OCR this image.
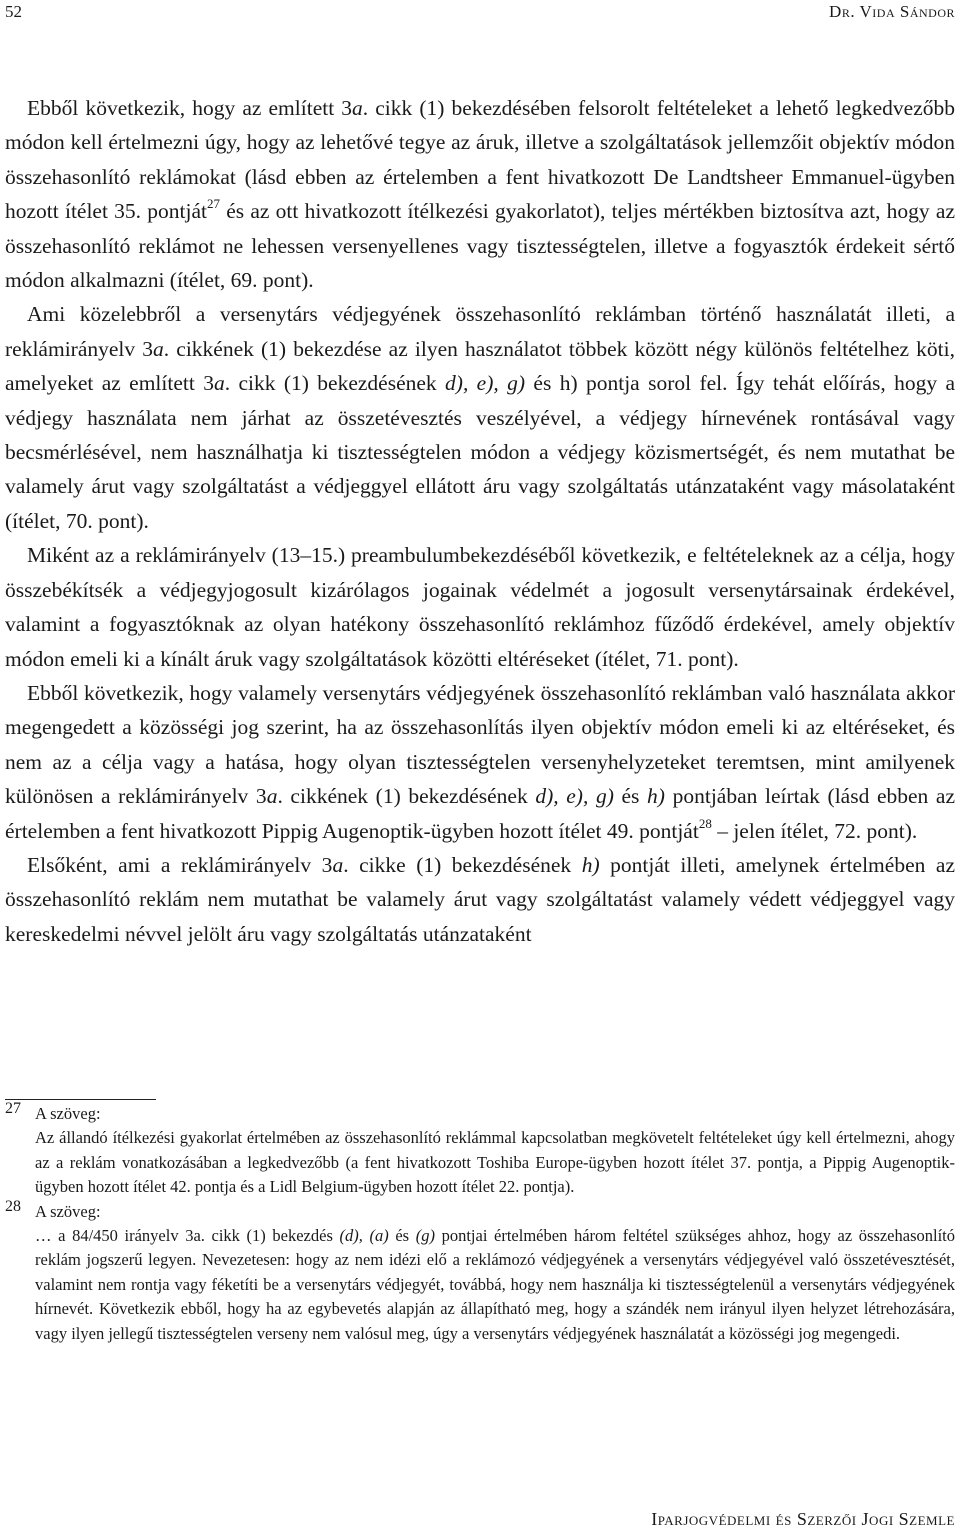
52	Dr. Vida Sándor

Ebből következik, hogy az említett 3a. cikk (1) bekezdésében felsorolt feltételeket a lehető legkedvezőbb módon kell értelmezni úgy, hogy az lehetővé tegye az áruk, illetve a szolgáltatások jellemzőit objektív módon összehasonlító reklámokat (lásd ebben az értelemben a fent hivatkozott De Landtsheer Emmanuel-ügyben hozott ítélet 35. pontját$^{27}$ és az ott hivatkozott ítélkezési gyakorlatot), teljes mértékben biztosítva azt, hogy az összehasonlító reklámot ne lehessen versenyellenes vagy tisztességtelen, illetve a fogyasztók érdekeit sértő módon alkalmazni (ítélet, 69. pont).

Ami közelebbről a versenytárs védjegyének összehasonlító reklámban történő használatát illeti, a reklámirányelv 3a. cikkének (1) bekezdése az ilyen használatot többek között négy különös feltételhez köti, amelyeket az említett 3a. cikk (1) bekezdésének d), e), g) és h) pontja sorol fel. Így tehát előírás, hogy a védjegy használata nem járhat az összetévesztés veszélyével, a védjegy hírnevének rontásával vagy becsmérlésével, nem használhatja ki tisztességtelen módon a védjegy közismertségét, és nem mutathat be valamely árut vagy szolgáltatást a védjeggyel ellátott áru vagy szolgáltatás utánzataként vagy másolataként (ítélet, 70. pont).

Miként az a reklámirányelv (13–15.) preambulumbekezdéséből következik, e feltételeknek az a célja, hogy összebékítsék a védjegyjogosult kizárólagos jogainak védelmét a jogosult versenytársainak érdekével, valamint a fogyasztóknak az olyan hatékony összehasonlító reklámhoz fűződő érdekével, amely objektív módon emeli ki a kínált áruk vagy szolgáltatások közötti eltéréseket (ítélet, 71. pont).

Ebből következik, hogy valamely versenytárs védjegyének összehasonlító reklámban való használata akkor megengedett a közösségi jog szerint, ha az összehasonlítás ilyen objektív módon emeli ki az eltéréseket, és nem az a célja vagy a hatása, hogy olyan tisztességtelen versenyhelyzeteket teremtsen, mint amilyenek különösen a reklámirányelv 3a. cikkének (1) bekezdésének d), e), g) és h) pontjában leírtak (lásd ebben az értelemben a fent hivatkozott Pippig Augenoptik-ügyben hozott ítélet 49. pontját$^{28}$ – jelen ítélet, 72. pont).

Elsőként, ami a reklámirányelv 3a. cikke (1) bekezdésének h) pontját illeti, amelynek értelmében az összehasonlító reklám nem mutathat be valamely árut vagy szolgáltatást valamely védett védjeggyel vagy kereskedelmi névvel jelölt áru vagy szolgáltatás utánzataként

27 A szöveg:
Az állandó ítélkezési gyakorlat értelmében az összehasonlító reklámmal kapcsolatban megkövetelt feltételeket úgy kell értelmezni, ahogy az a reklám vonatkozásában a legkedvezőbb (a fent hivatkozott Toshiba Europe-ügyben hozott ítélet 37. pontja, a Pippig Augenoptik-ügyben hozott ítélet 42. pontja és a Lidl Belgium-ügyben hozott ítélet 22. pontja).
28 A szöveg:
… a 84/450 irányelv 3a. cikk (1) bekezdés (d), (a) és (g) pontjai értelmében három feltétel szükséges ahhoz, hogy az összehasonlító reklám jogszerű legyen. Nevezetesen: hogy az nem idézi elő a reklámozó védjegyének a versenytárs védjegyével való összetévesztését, valamint nem rontja vagy féketíti be a versenytárs védjegyét, továbbá, hogy nem használja ki tisztességtelenül a versenytárs védjegyének hírnevét. Következik ebből, hogy ha az egybevetés alapján az állapítható meg, hogy a szándék nem irányul ilyen helyzet létrehozására, vagy ilyen jellegű tisztességtelen verseny nem valósul meg, úgy a versenytárs védjegyének használatát a közösségi jog megengedi.
Iparjogvédelmi és Szerzői Jogi Szemle
